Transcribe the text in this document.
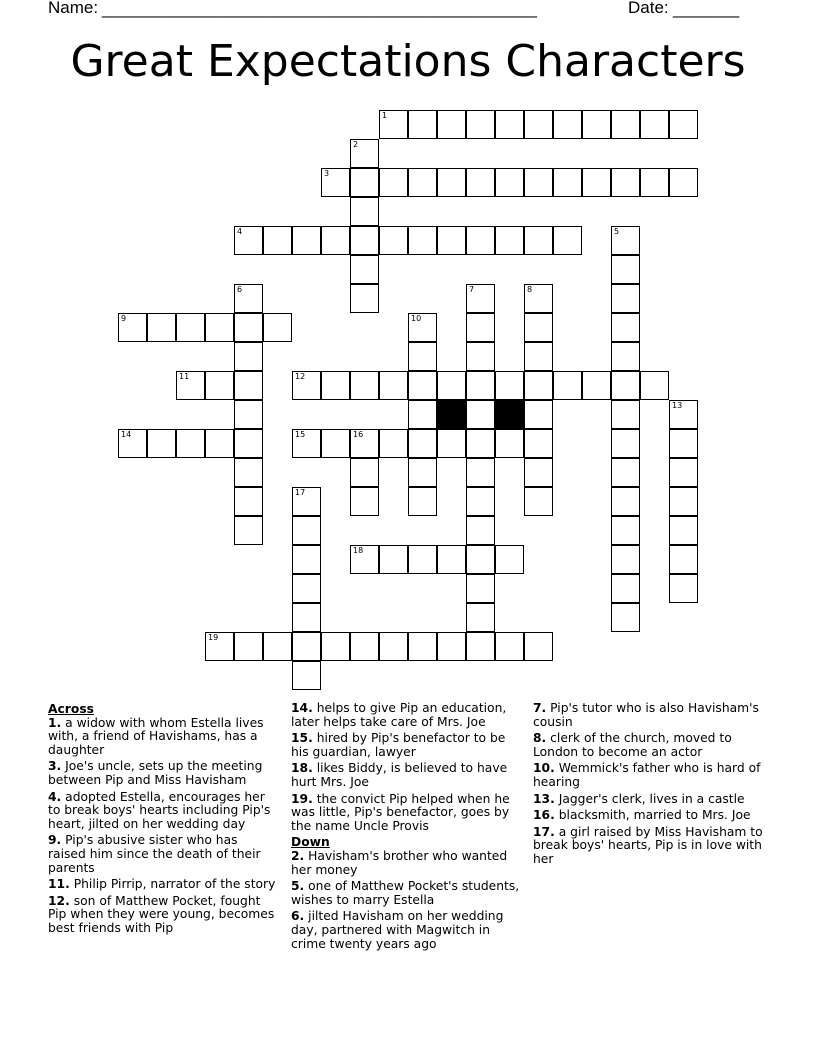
Name: ______________________________________________	Date: _______
Great Expectations Characters
1
3
4
9
11	12
14	15	16
18
19
2
5
6	7	8
10
13
17
Across
1. a widow with whom Estella lives with, a friend of Havishams, has a daughter
3. Joe's uncle, sets up the meeting between Pip and Miss Havisham
4. adopted Estella, encourages her to break boys' hearts including Pip's heart, jilted on her wedding day
9. Pip's abusive sister who has raised him since the death of their parents
11. Philip Pirrip, narrator of the story
12. son of Matthew Pocket, fought Pip when they were young, becomes best friends with Pip
14. helps to give Pip an education, later helps take care of Mrs. Joe
15. hired by Pip's benefactor to be his guardian, lawyer
18. likes Biddy, is believed to have hurt Mrs. Joe
19. the convict Pip helped when he was little, Pip's benefactor, goes by the name Uncle Provis
Down
2. Havisham's brother who wanted her money
5. one of Matthew Pocket's students, wishes to marry Estella
6. jilted Havisham on her wedding day, partnered with Magwitch in crime twenty years ago
7. Pip's tutor who is also Havisham's cousin
8. clerk of the church, moved to London to become an actor
10. Wemmick's father who is hard of hearing
13. Jagger's clerk, lives in a castle
16. blacksmith, married to Mrs. Joe
17. a girl raised by Miss Havisham to break boys' hearts, Pip is in love with her
